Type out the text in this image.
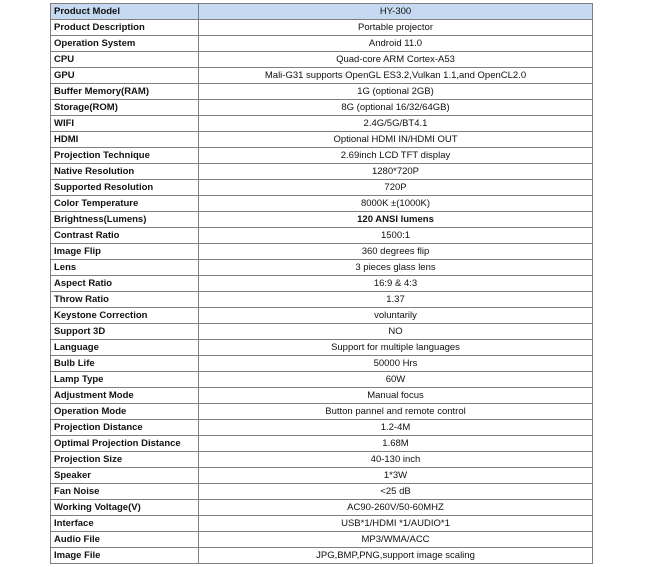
Product Model	HY-300
Product Description	Portable projector
Operation System	Android 11.0
CPU	Quad-core ARM Cortex-A53
GPU	Mali-G31 supports OpenGL ES3.2,Vulkan 1.1,and OpenCL2.0
Buffer Memory(RAM)	1G (optional 2GB)
Storage(ROM)	8G (optional 16/32/64GB)
WIFI	2.4G/5G/BT4.1
HDMI	Optional HDMI IN/HDMI OUT
Projection Technique	2.69inch LCD TFT display
Native Resolution	1280*720P
Supported Resolution	720P
Color Temperature	8000K ±(1000K)
Brightness(Lumens)	120 ANSI lumens
Contrast Ratio	1500:1
Image Flip	360 degrees flip
Lens	3 pieces glass lens
Aspect Ratio	16:9 & 4:3
Throw Ratio	1.37
Keystone Correction	voluntarily
Support 3D	NO
Language	Support for multiple languages
Bulb Life	50000 Hrs
Lamp Type	60W
Adjustment Mode	Manual focus
Operation Mode	Button pannel and remote control
Projection Distance	1.2-4M
Optimal Projection Distance	1.68M
Projection Size	40-130 inch
Speaker	1*3W
Fan Noise	<25 dB
Working Voltage(V)	AC90-260V/50-60MHZ
Interface	USB*1/HDMI *1/AUDIO*1
Audio File	MP3/WMA/ACC
Image File	JPG,BMP,PNG,support image scaling
